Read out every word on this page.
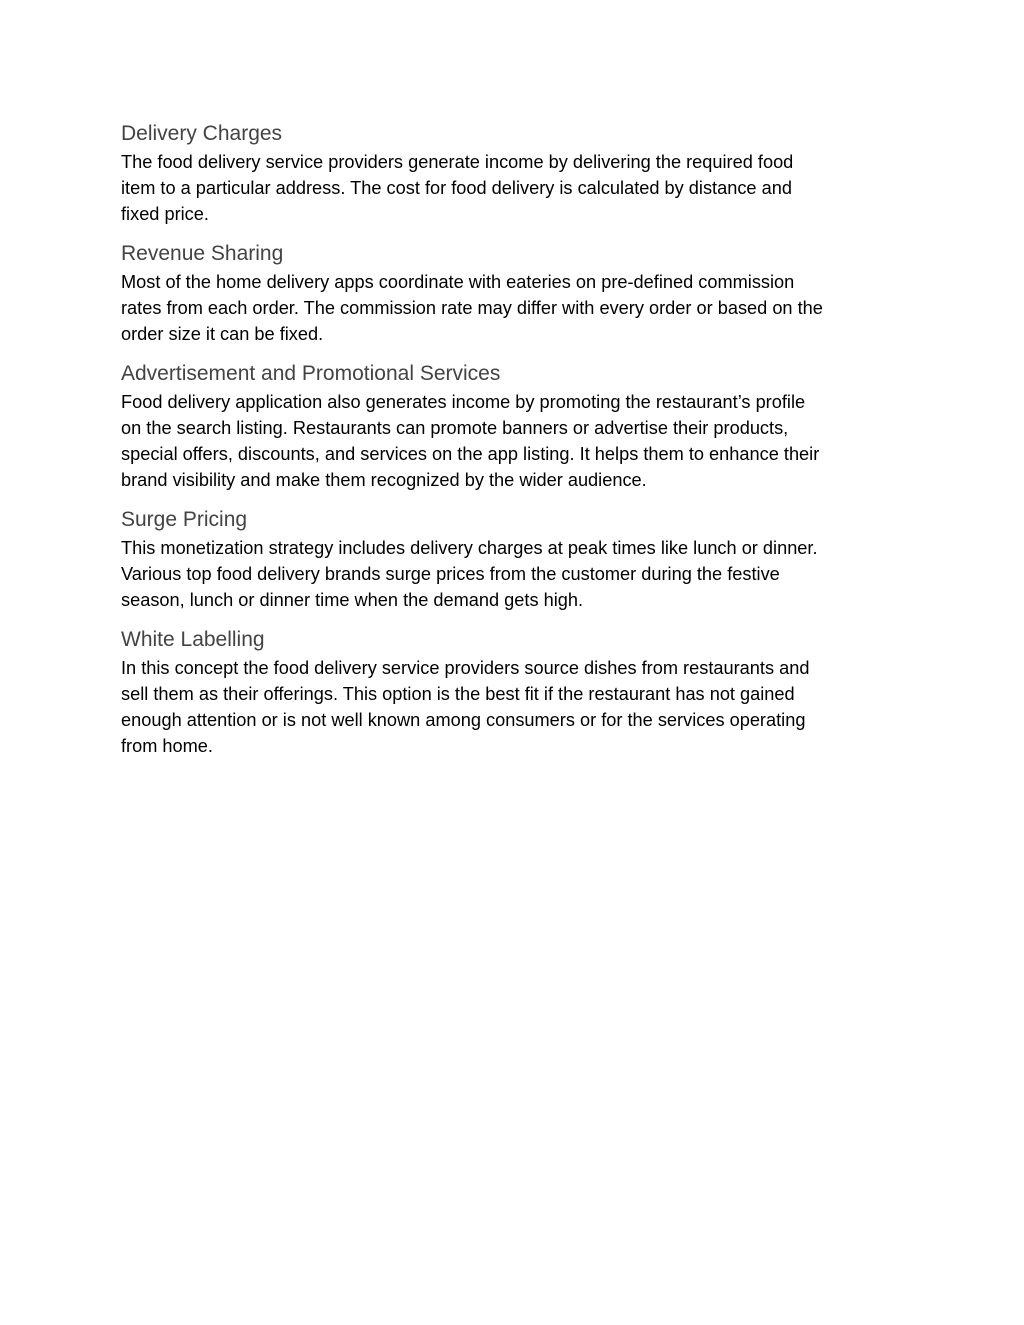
Delivery Charges

The food delivery service providers generate income by delivering the required food
item to a particular address. The cost for food delivery is calculated by distance and
fixed price.

Revenue Sharing

Most of the home delivery apps coordinate with eateries on pre-defined commission
rates from each order. The commission rate may differ with every order or based on the
order size it can be fixed.

Advertisement and Promotional Services

Food delivery application also generates income by promoting the restaurant’s profile
on the search listing. Restaurants can promote banners or advertise their products,
special offers, discounts, and services on the app listing. It helps them to enhance their
brand visibility and make them recognized by the wider audience.

Surge Pricing

This monetization strategy includes delivery charges at peak times like lunch or dinner.
Various top food delivery brands surge prices from the customer during the festive
season, lunch or dinner time when the demand gets high.

White Labelling

In this concept the food delivery service providers source dishes from restaurants and
sell them as their offerings. This option is the best fit if the restaurant has not gained
enough attention or is not well known among consumers or for the services operating
from home.
